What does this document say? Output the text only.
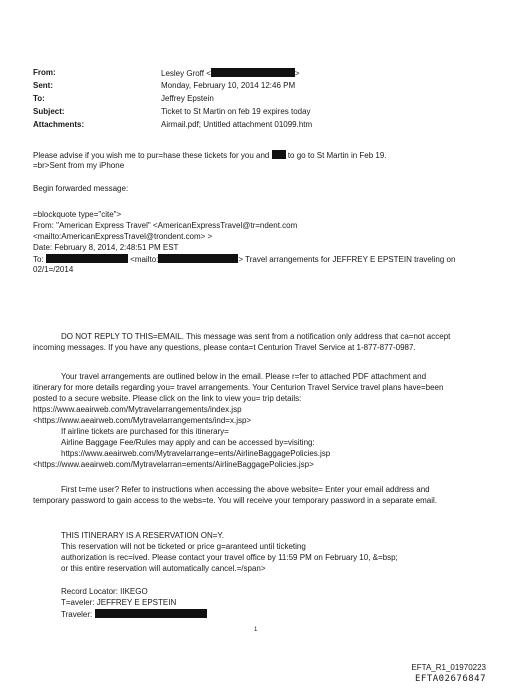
From:	Lesley Groff <	>
Sent:	Monday, February 10, 2014 12:46 PM
To:	Jeffrey Epstein
Subject:	Ticket to St Martin on feb 19 expires today
Attachments:	Airmail.pdf; Untitled attachment 01099.htm
Please advise if you wish me to pur=hase these tickets for you and to go to St Martin in Feb 19.
=br>Sent from my iPhone
Begin forwarded message:
=blockquote type="cite">
From: "American Express Travel" <AmericanExpressTravel@tr=ndent.com
<mailto:AmericanExpressTravel@trondent.com> >
Date: February 8, 2014, 2:48:51 PM EST
To:	<mailto:	> Travel arrangements for JEFFREY E EPSTEIN traveling on
02/1=/2014
DO NOT REPLY TO THIS=EMAIL. This message was sent from a notification only address that ca=not accept
incoming messages. If you have any questions, please conta=t Centurion Travel Service at 1-877-877-0987.
Your travel arrangements are outlined below in the email. Please r=fer to attached PDF attachment and
itinerary for more details regarding you= travel arrangements. Your Centurion Travel Service travel plans have=been
posted to a secure website. Please click on the link to view you= trip details:
https://www.aeairweb.com/Mytravelarrangements/index.jsp
<https://www.aeairweb.com/Mytravelarrangements/ind=x.jsp>
If airline tickets are purchased for this itinerary=
Airline Baggage Fee/Rules may apply and can be accessed by=visiting:
https://www.aeairweb.com/Mytravelarrange=ents/AirlineBaggagePolicies.jsp
<https://www.aeairweb.com/Mytravelarran=ements/AirlineBaggagePolicies.jsp>
First t=me user? Refer to instructions when accessing the above website= Enter your email address and
temporary password to gain access to the webs=te. You will receive your temporary password in a separate email.
THIS ITINERARY IS A RESERVATION ON=Y.
This reservation will not be ticketed or price g=aranteed until ticketing
authorization is rec=ived. Please contact your travel office by 11:59 PM on February 10, &=bsp;
or this entire reservation will automatically cancel.=/span>
Record Locator: IIKEGO
T=aveler: JEFFREY E EPSTEIN
Traveler:
1
EFTA_R1_01970223
EFTA02676847
